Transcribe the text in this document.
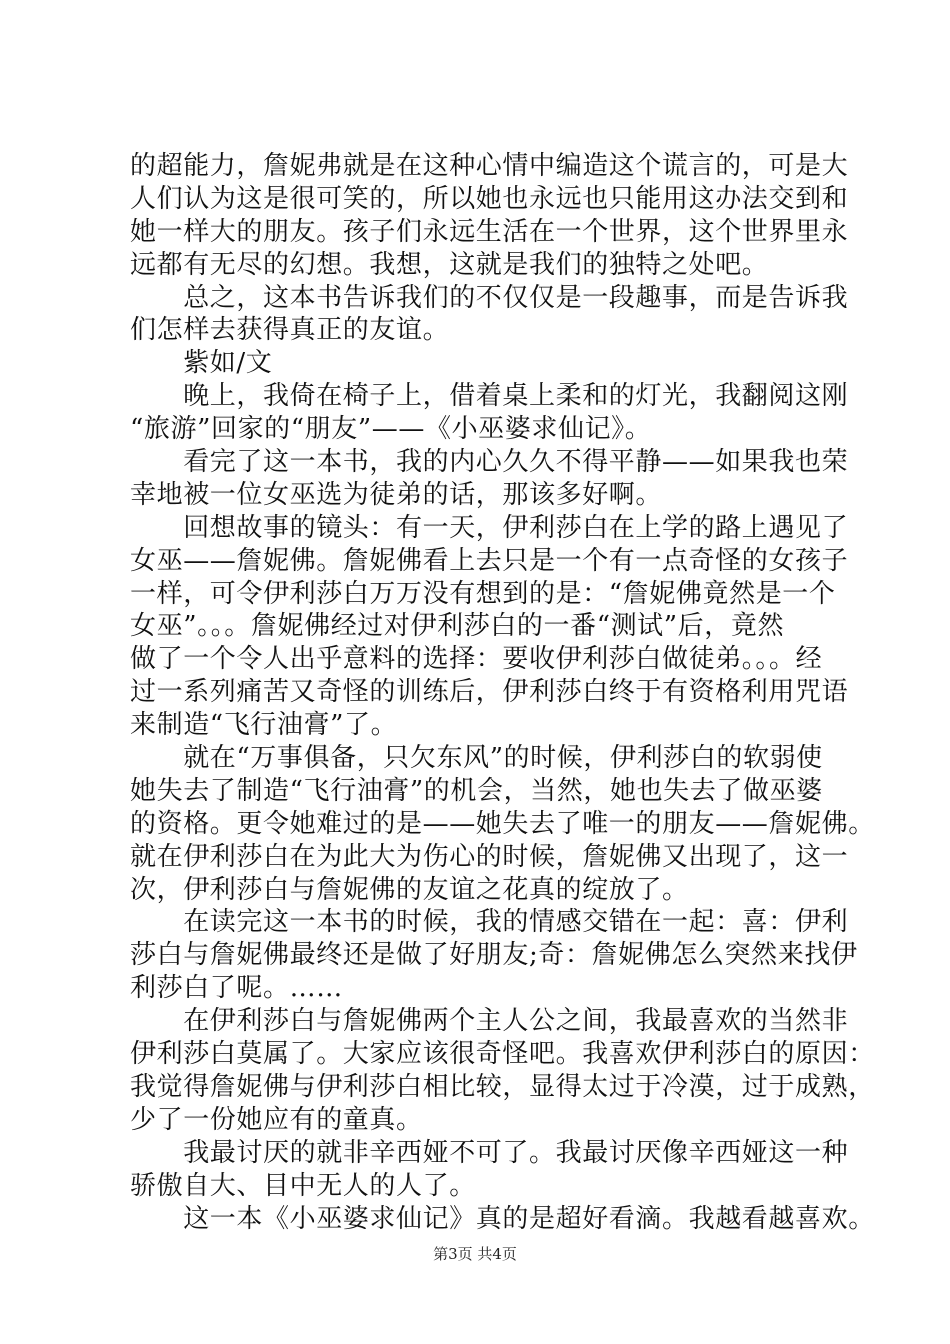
的超能力，詹妮弗就是在这种心情中编造这个谎言的，可是大
人们认为这是很可笑的，所以她也永远也只能用这办法交到和
她一样大的朋友。孩子们永远生活在一个世界，这个世界里永
远都有无尽的幻想。我想，这就是我们的独特之处吧。
　　总之，这本书告诉我们的不仅仅是一段趣事，而是告诉我
们怎样去获得真正的友谊。
　　紫如/文
　　晚上，我倚在椅子上，借着桌上柔和的灯光，我翻阅这刚
“旅游”回家的“朋友”——《小巫婆求仙记》。
　　看完了这一本书，我的内心久久不得平静——如果我也荣
幸地被一位女巫选为徒弟的话，那该多好啊。
　　回想故事的镜头：有一天，伊利莎白在上学的路上遇见了
女巫——詹妮佛。詹妮佛看上去只是一个有一点奇怪的女孩子
一样，可令伊利莎白万万没有想到的是：“詹妮佛竟然是一个
女巫”。。。詹妮佛经过对伊利莎白的一番“测试”后，竟然
做了一个令人出乎意料的选择：要收伊利莎白做徒弟。。。经
过一系列痛苦又奇怪的训练后，伊利莎白终于有资格利用咒语
来制造“飞行油膏”了。
　　就在“万事俱备，只欠东风”的时候，伊利莎白的软弱使
她失去了制造“飞行油膏”的机会，当然，她也失去了做巫婆
的资格。更令她难过的是——她失去了唯一的朋友——詹妮佛。
就在伊利莎白在为此大为伤心的时候，詹妮佛又出现了，这一
次，伊利莎白与詹妮佛的友谊之花真的绽放了。
　　在读完这一本书的时候，我的情感交错在一起：喜：伊利
莎白与詹妮佛最终还是做了好朋友;奇：詹妮佛怎么突然来找伊
利莎白了呢。……
　　在伊利莎白与詹妮佛两个主人公之间，我最喜欢的当然非
伊利莎白莫属了。大家应该很奇怪吧。我喜欢伊利莎白的原因：
我觉得詹妮佛与伊利莎白相比较，显得太过于冷漠，过于成熟，
少了一份她应有的童真。
　　我最讨厌的就非辛西娅不可了。我最讨厌像辛西娅这一种
骄傲自大、目中无人的人了。
　　这一本《小巫婆求仙记》真的是超好看滴。我越看越喜欢。
第3页 共4页
